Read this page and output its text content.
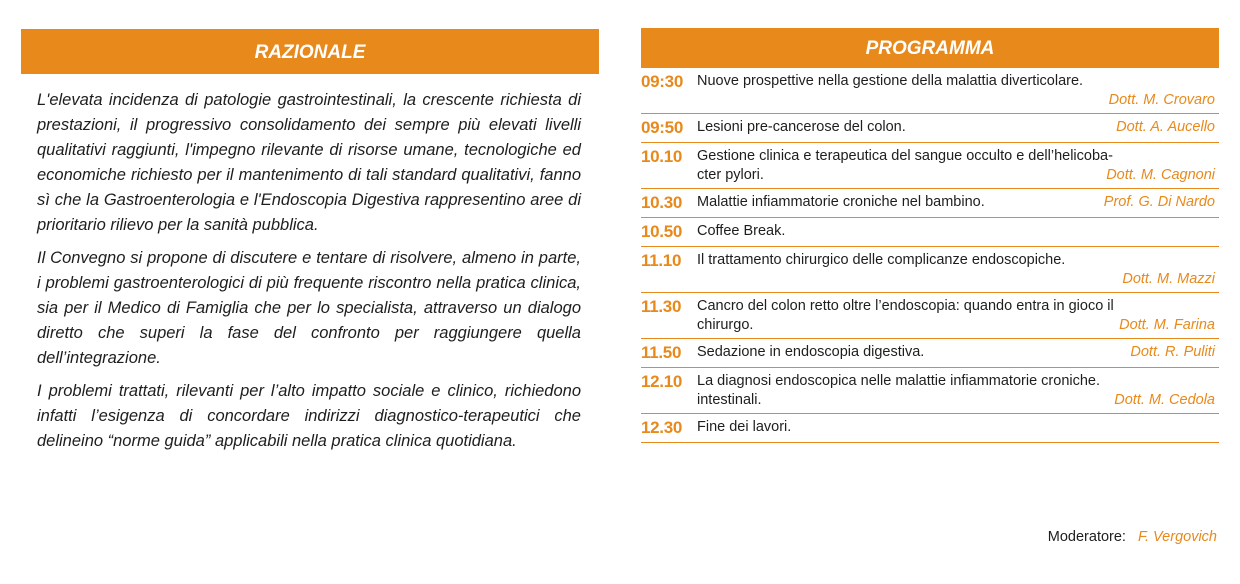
RAZIONALE

L'elevata incidenza di patologie gastrointestinali, la crescente richiesta di prestazioni, il progressivo consolidamento dei sempre più elevati livelli qualitativi raggiunti, l'impegno rilevante di risorse umane, tecnologiche ed economiche richiesto per il mantenimento di tali standard qualitativi, fanno sì che la Gastroenterologia e l'Endoscopia Digestiva rappresentino aree di prioritario rilievo per la sanità pubblica.

Il Convegno si propone di discutere e tentare di risolvere, almeno in parte, i problemi gastroenterologici di più frequente riscontro nella pratica clinica, sia per il Medico di Famiglia che per lo specialista, attraverso un dialogo diretto che superi la fase del confronto per raggiungere quella dell’integrazione.

I problemi trattati, rilevanti per l’alto impatto sociale e clinico, richiedono infatti l’esigenza di concordare indirizzi diagnostico-terapeutici che delineino “norme guida” applicabili nella pratica clinica quotidiana.

PROGRAMMA
09:30 Nuove prospettive nella gestione della malattia diverticolare.
Dott. M. Crovaro
09:50 Lesioni pre-cancerose del colon.	Dott. A. Aucello
10.10	Gestione clinica e terapeutica del sangue occulto e dell’helicoba-
cter pylori.	Dott. M. Cagnoni
10.30	Malattie infiammatorie croniche nel bambino.	Prof. G. Di Nardo
10.50	Coffee Break.
11.10	Il trattamento chirurgico delle complicanze endoscopiche.
Dott. M. Mazzi
11.30	Cancro del colon retto oltre l’endoscopia: quando entra in gioco il
chirurgo.	Dott. M. Farina
11.50	Sedazione in endoscopia digestiva.	Dott. R. Puliti
12.10	La diagnosi endoscopica nelle malattie infiammatorie croniche.
intestinali.	Dott. M. Cedola
12.30	Fine dei lavori.
Moderatore: F. Vergovich
